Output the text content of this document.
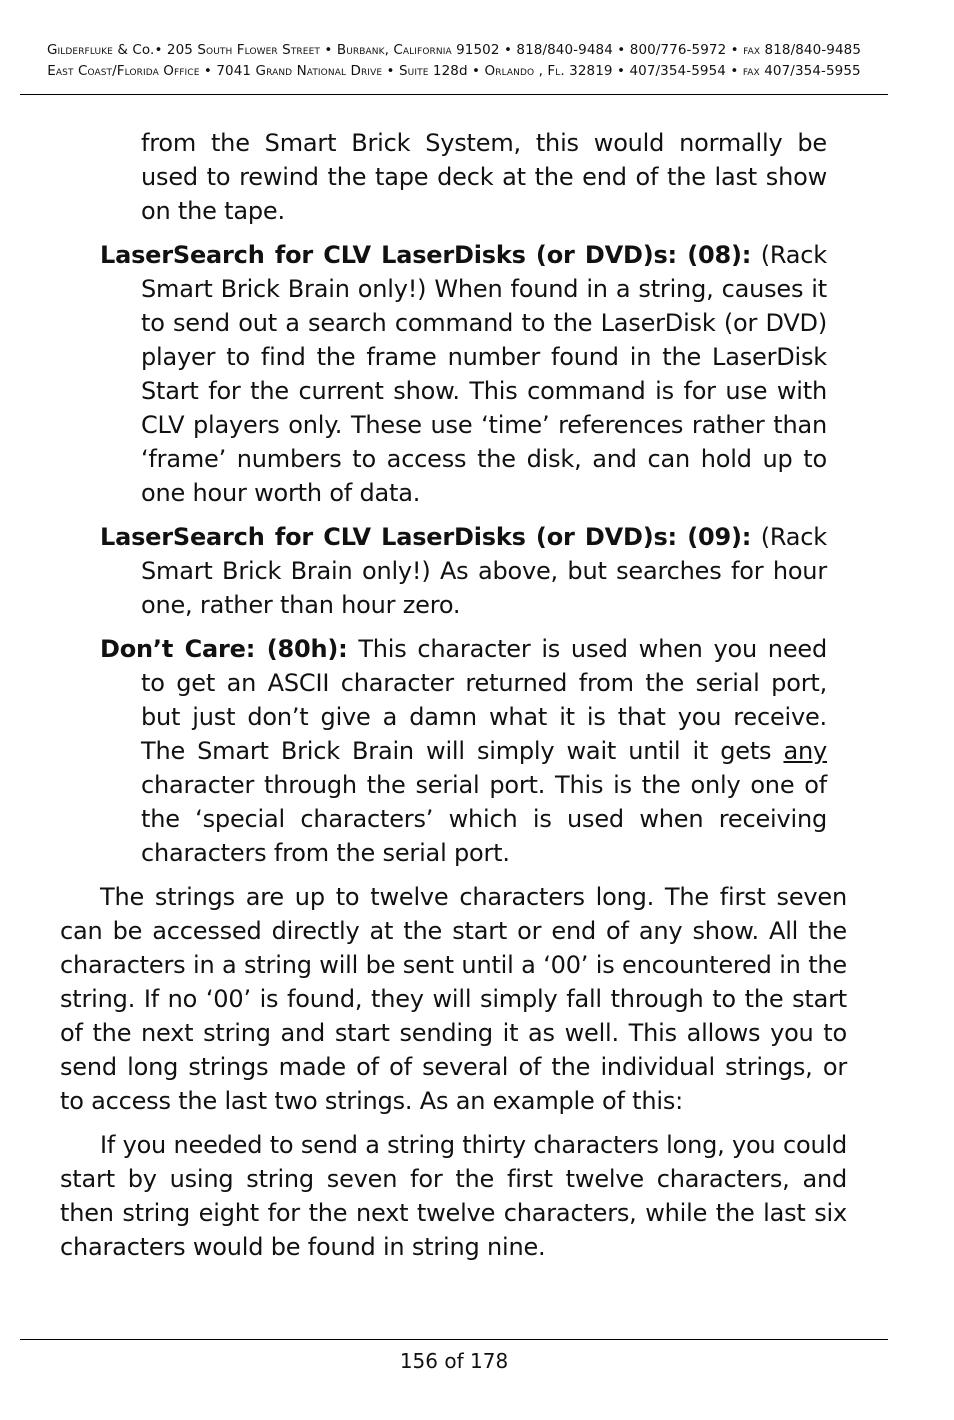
Gilderfluke & Co.• 205 South Flower Street • Burbank, California 91502 • 818/840-9484 • 800/776-5972 • fax 818/840-9485
East Coast/Florida Office • 7041 Grand National Drive • Suite 128d • Orlando , Fl. 32819 • 407/354-5954 • fax 407/354-5955

from the Smart Brick System, this would normally be used to rewind the tape deck at the end of the last show on the tape.

LaserSearch for CLV LaserDisks (or DVD)s: (08): (Rack Smart Brick Brain only!) When found in a string, causes it to send out a search command to the LaserDisk (or DVD) player to find the frame number found in the LaserDisk Start for the current show. This command is for use with CLV players only. These use ‘time’ references rather than ‘frame’ numbers to access the disk, and can hold up to one hour worth of data.

LaserSearch for CLV LaserDisks (or DVD)s: (09): (Rack Smart Brick Brain only!) As above, but searches for hour one, rather than hour zero.

Don’t Care: (80h): This character is used when you need to get an ASCII character returned from the serial port, but just don’t give a damn what it is that you receive. The Smart Brick Brain will simply wait until it gets any character through the serial port. This is the only one of the ‘special characters’ which is used when receiving characters from the serial port.

The strings are up to twelve characters long. The first seven can be accessed directly at the start or end of any show. All the characters in a string will be sent until a ‘00’ is encountered in the string. If no ‘00’ is found, they will simply fall through to the start of the next string and start sending it as well. This allows you to send long strings made of of several of the individual strings, or to access the last two strings. As an example of this:

If you needed to send a string thirty characters long, you could start by using string seven for the first twelve characters, and then string eight for the next twelve characters, while the last six characters would be found in string nine.

156 of 178
